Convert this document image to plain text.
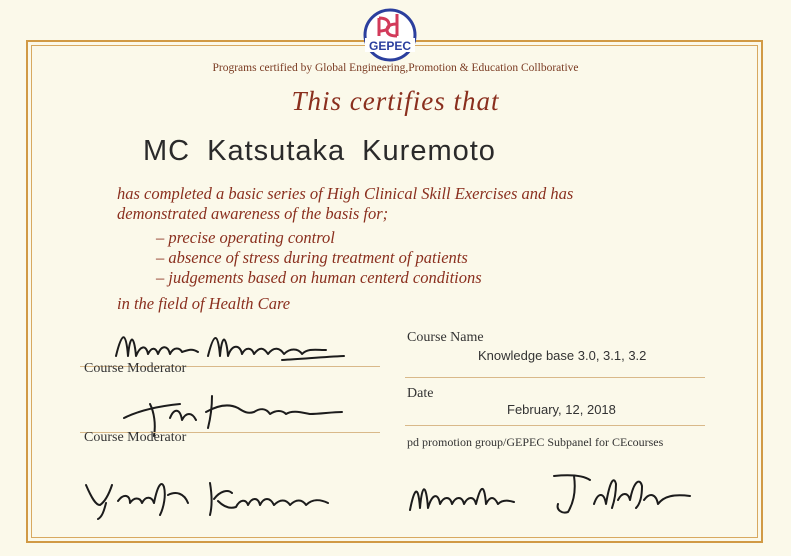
GEPEC
Programs certified by Global Engineering,Promotion & Education Collborative
This certifies that
MC Katsutaka Kuremoto
has completed a basic series of High Clinical Skill Exercises and has
demonstrated awareness of the basis for;
– precise operating control
– absence of stress during treatment of patients
– judgements based on human centerd conditions
in the field of Health Care
Course Moderator
Course Moderator
Course Name
Knowledge base 3.0, 3.1, 3.2
Date
February, 12, 2018
pd promotion group/GEPEC Subpanel for CEcourses
